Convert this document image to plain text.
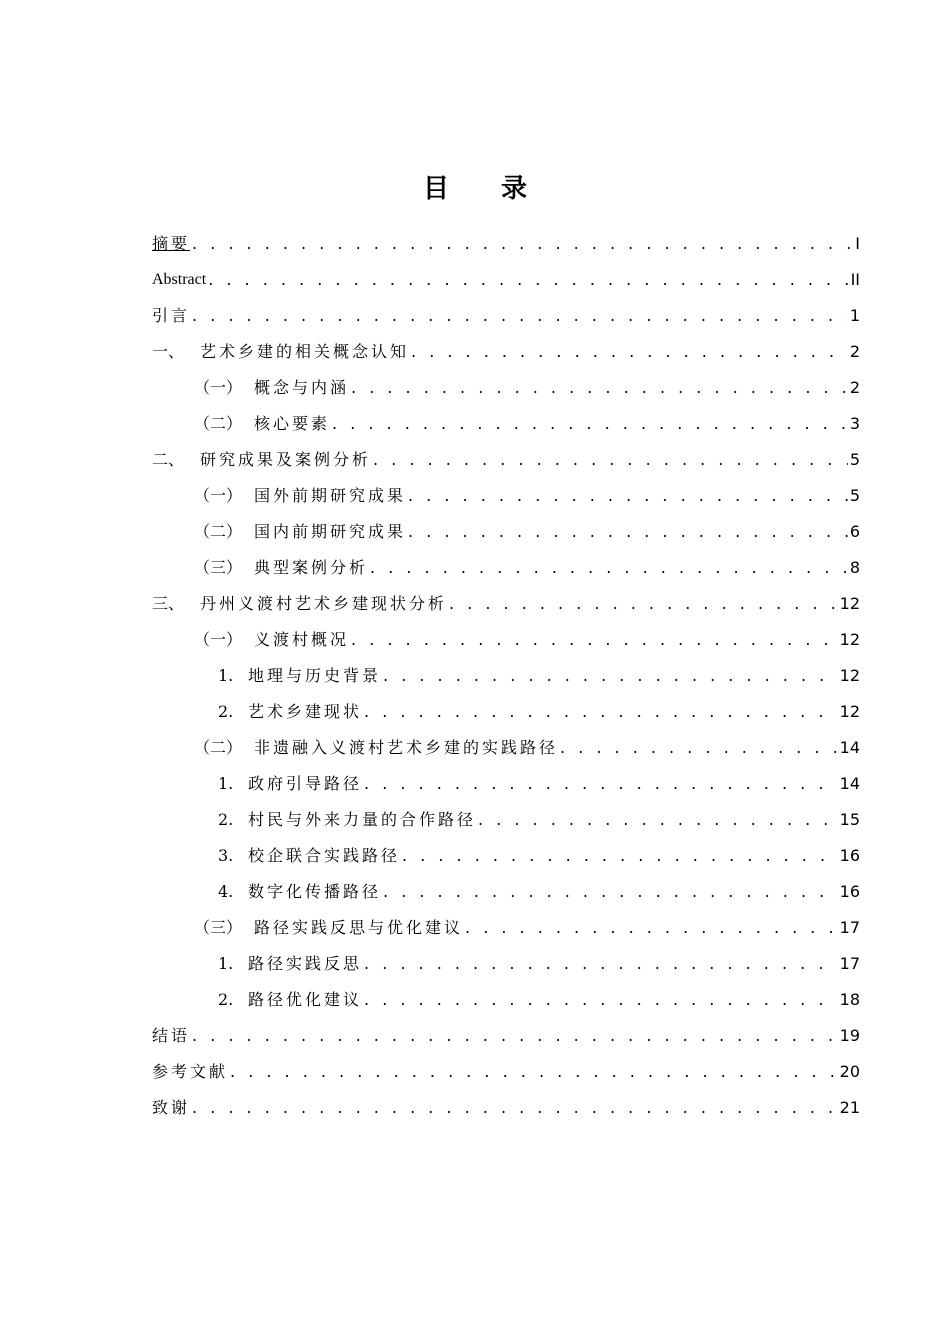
目 录
摘要 . . .	I
Abstract . . .	II
引言 . . .	1
一、 艺术乡建的相关概念认知 . . .	2
（一） 概念与内涵 . . .	2
（二） 核心要素 . . .	3
二、 研究成果及案例分析 . . .	5
（一） 国外前期研究成果 . . .	5
（二） 国内前期研究成果 . . .	6
（三） 典型案例分析 . . .	8
三、 丹州义渡村艺术乡建现状分析 . . .	12
（一） 义渡村概况 . . .	12
1. 地理与历史背景 . . .	12
2. 艺术乡建现状 . . .	12
（二） 非遗融入义渡村艺术乡建的实践路径 . . .	14
1. 政府引导路径 . . .	14
2. 村民与外来力量的合作路径 . . .	15
3. 校企联合实践路径 . . .	16
4. 数字化传播路径 . . .	16
（三） 路径实践反思与优化建议 . . .	17
1. 路径实践反思 . . .	17
2. 路径优化建议 . . .	18
结语 . . .	19
参考文献 . . .	20
致谢 . . .	21
